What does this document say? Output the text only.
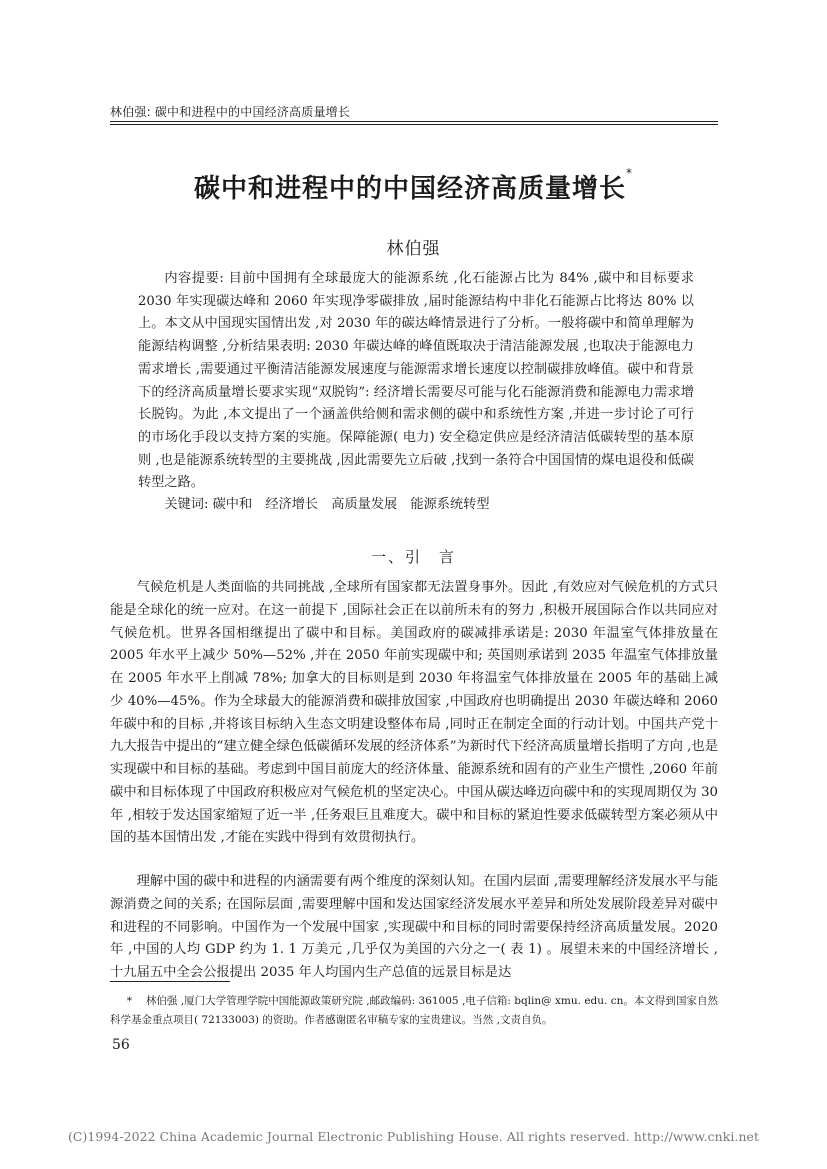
林伯强: 碳中和进程中的中国经济高质量增长
碳中和进程中的中国经济高质量增长*
林伯强
内容提要: 目前中国拥有全球最庞大的能源系统 ,化石能源占比为 84% ,碳中和目标要求 2030 年实现碳达峰和 2060 年实现净零碳排放 ,届时能源结构中非化石能源占比将达 80% 以上。本文从中国现实国情出发 ,对 2030 年的碳达峰情景进行了分析。一般将碳中和简单理解为能源结构调整 ,分析结果表明: 2030 年碳达峰的峰值既取决于清洁能源发展 ,也取决于能源电力需求增长 ,需要通过平衡清洁能源发展速度与能源需求增长速度以控制碳排放峰值。碳中和背景下的经济高质量增长要求实现“双脱钩”: 经济增长需要尽可能与化石能源消费和能源电力需求增长脱钩。为此 ,本文提出了一个涵盖供给侧和需求侧的碳中和系统性方案 ,并进一步讨论了可行的市场化手段以支持方案的实施。保障能源( 电力) 安全稳定供应是经济清洁低碳转型的基本原则 ,也是能源系统转型的主要挑战 ,因此需要先立后破 ,找到一条符合中国国情的煤电退役和低碳转型之路。
关键词: 碳中和　经济增长　高质量发展　能源系统转型
一、引　言
气候危机是人类面临的共同挑战 ,全球所有国家都无法置身事外。因此 ,有效应对气候危机的方式只能是全球化的统一应对。在这一前提下 ,国际社会正在以前所未有的努力 ,积极开展国际合作以共同应对气候危机。世界各国相继提出了碳中和目标。美国政府的碳减排承诺是: 2030 年温室气体排放量在 2005 年水平上减少 50%—52% ,并在 2050 年前实现碳中和; 英国则承诺到 2035 年温室气体排放量在 2005 年水平上削减 78%; 加拿大的目标则是到 2030 年将温室气体排放量在 2005 年的基础上减少 40%—45%。作为全球最大的能源消费和碳排放国家 ,中国政府也明确提出 2030 年碳达峰和 2060 年碳中和的目标 ,并将该目标纳入生态文明建设整体布局 ,同时正在制定全面的行动计划。中国共产党十九大报告中提出的“建立健全绿色低碳循环发展的经济体系”为新时代下经济高质量增长指明了方向 ,也是实现碳中和目标的基础。考虑到中国目前庞大的经济体量、能源系统和固有的产业生产惯性 ,2060 年前碳中和目标体现了中国政府积极应对气候危机的坚定决心。中国从碳达峰迈向碳中和的实现周期仅为 30 年 ,相较于发达国家缩短了近一半 ,任务艰巨且难度大。碳中和目标的紧迫性要求低碳转型方案必须从中国的基本国情出发 ,才能在实践中得到有效贯彻执行。
理解中国的碳中和进程的内涵需要有两个维度的深刻认知。在国内层面 ,需要理解经济发展水平与能源消费之间的关系; 在国际层面 ,需要理解中国和发达国家经济发展水平差异和所处发展阶段差异对碳中和进程的不同影响。中国作为一个发展中国家 ,实现碳中和目标的同时需要保持经济高质量发展。2020 年 ,中国的人均 GDP 约为 1. 1 万美元 ,几乎仅为美国的六分之一( 表 1) 。展望未来的中国经济增长 ,十九届五中全会公报提出 2035 年人均国内生产总值的远景目标是达
* 　林伯强 ,厦门大学管理学院中国能源政策研究院 ,邮政编码: 361005 ,电子信箱: bqlin@ xmu. edu. cn。本文得到国家自然科学基金重点项目( 72133003) 的资助。作者感谢匿名审稿专家的宝贵建议。当然 ,文责自负。
56
(C)1994-2022 China Academic Journal Electronic Publishing House. All rights reserved. http://www.cnki.net
